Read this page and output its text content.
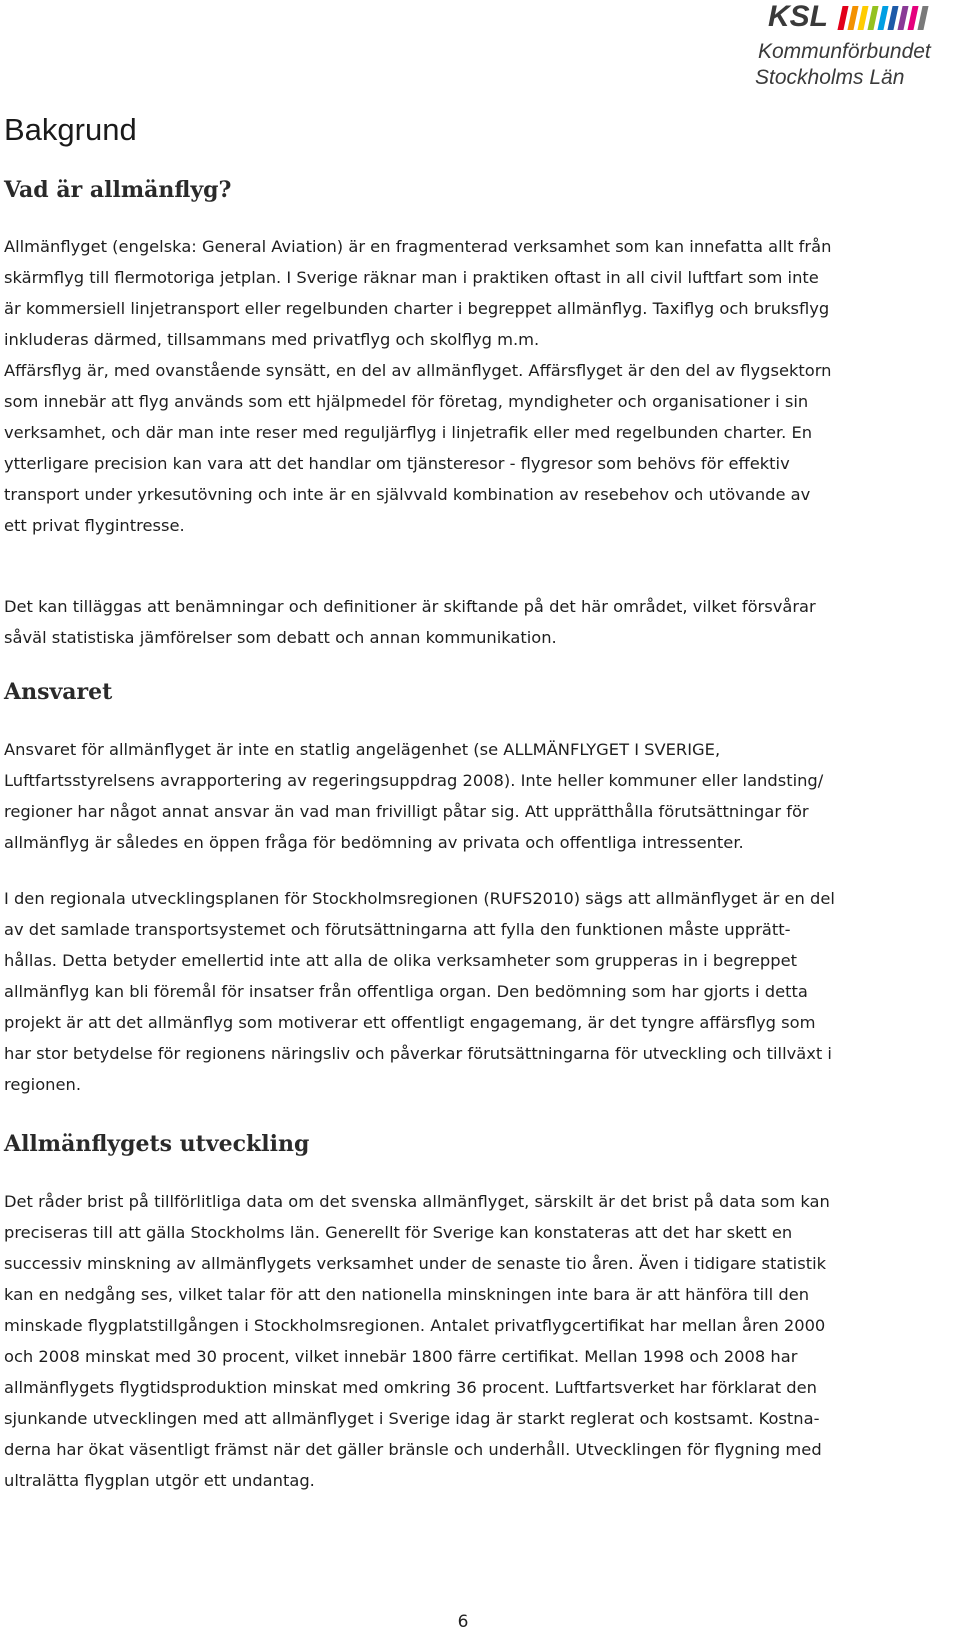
KSL
Kommunförbundet
Stockholms Län
Bakgrund
Vad är allmänflyg?
Allmänflyget (engelska: General Aviation) är en fragmenterad verksamhet som kan innefatta allt från
skärmflyg till flermotoriga jetplan. I Sverige räknar man i praktiken oftast in all civil luftfart som inte
är kommersiell linjetransport eller regelbunden charter i begreppet allmänflyg. Taxiflyg och bruksflyg
inkluderas därmed, tillsammans med privatflyg och skolflyg m.m.
Affärsflyg är, med ovanstående synsätt, en del av allmänflyget. Affärsflyget är den del av flygsektorn
som innebär att flyg används som ett hjälpmedel för företag, myndigheter och organisationer i sin
verksamhet, och där man inte reser med reguljärflyg i linjetrafik eller med regelbunden charter. En
ytterligare precision kan vara att det handlar om tjänsteresor - flygresor som behövs för effektiv
transport under yrkesutövning och inte är en självvald kombination av resebehov och utövande av
ett privat flygintresse.
Det kan tilläggas att benämningar och definitioner är skiftande på det här området, vilket försvårar
såväl statistiska jämförelser som debatt och annan kommunikation.
Ansvaret
Ansvaret för allmänflyget är inte en statlig angelägenhet (se ALLMÄNFLYGET I SVERIGE,
Luftfartsstyrelsens avrapportering av regeringsuppdrag 2008). Inte heller kommuner eller landsting/
regioner har något annat ansvar än vad man frivilligt påtar sig. Att upprätthålla förutsättningar för
allmänflyg är således en öppen fråga för bedömning av privata och offentliga intressenter.
I den regionala utvecklingsplanen för Stockholmsregionen (RUFS2010) sägs att allmänflyget är en del
av det samlade transportsystemet och förutsättningarna att fylla den funktionen måste upprätt-
hållas. Detta betyder emellertid inte att alla de olika verksamheter som grupperas in i begreppet
allmänflyg kan bli föremål för insatser från offentliga organ. Den bedömning som har gjorts i detta
projekt är att det allmänflyg som motiverar ett offentligt engagemang, är det tyngre affärsflyg som
har stor betydelse för regionens näringsliv och påverkar förutsättningarna för utveckling och tillväxt i
regionen.
Allmänflygets utveckling
Det råder brist på tillförlitliga data om det svenska allmänflyget, särskilt är det brist på data som kan
preciseras till att gälla Stockholms län. Generellt för Sverige kan konstateras att det har skett en
successiv minskning av allmänflygets verksamhet under de senaste tio åren. Även i tidigare statistik
kan en nedgång ses, vilket talar för att den nationella minskningen inte bara är att hänföra till den
minskade flygplatstillgången i Stockholmsregionen. Antalet privatflygcertifikat har mellan åren 2000
och 2008 minskat med 30 procent, vilket innebär 1800 färre certifikat. Mellan 1998 och 2008 har
allmänflygets flygtidsproduktion minskat med omkring 36 procent. Luftfartsverket har förklarat den
sjunkande utvecklingen med att allmänflyget i Sverige idag är starkt reglerat och kostsamt. Kostna-
derna har ökat väsentligt främst när det gäller bränsle och underhåll. Utvecklingen för flygning med
ultralätta flygplan utgör ett undantag.
6
